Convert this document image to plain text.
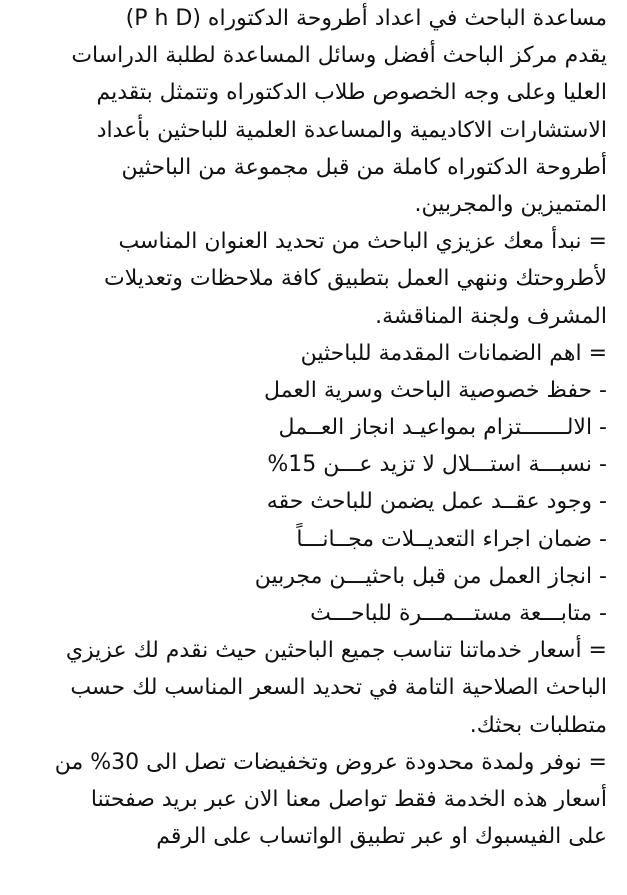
مساعدة الباحث في اعداد أطروحة الدكتوراه (P h D)
يقدم مركز الباحث أفضل وسائل المساعدة لطلبة الدراسات
العليا وعلى وجه الخصوص طلاب الدكتوراه وتتمثل بتقديم
الاستشارات الاكاديمية والمساعدة العلمية للباحثين بأعداد
أطروحة الدكتوراه كاملة من قبل مجموعة من الباحثين
المتميزين والمجربين.
= نبدأ معك عزيزي الباحث من تحديد العنوان المناسب
لأطروحتك وننهي العمل بتطبيق كافة ملاحظات وتعديلات
المشرف ولجنة المناقشة.
= اهم الضمانات المقدمة للباحثين
- حفظ خصوصية الباحث وسرية العمل
- الالـــــــتزام بمواعيـد انجاز العــمل
- نسبـــة استـــلال لا تزيد عـــن 15%
- وجود عقــد عمل يضمن للباحث حقه
- ضمان اجراء التعديــلات مجــانـــاً
- انجاز العمل من قبل باحثيـــن مجربين
- متابـــعة مستـــمـــرة للباحـــث
= أسعار خدماتنا تناسب جميع الباحثين حيث نقدم لك عزيزي
الباحث الصلاحية التامة في تحديد السعر المناسب لك حسب
متطلبات بحثك.
= نوفر ولمدة محدودة عروض وتخفيضات تصل الى 30% من
أسعار هذه الخدمة فقط تواصل معنا الان عبر بريد صفحتنا
على الفيسبوك او عبر تطبيق الواتساب على الرقم
